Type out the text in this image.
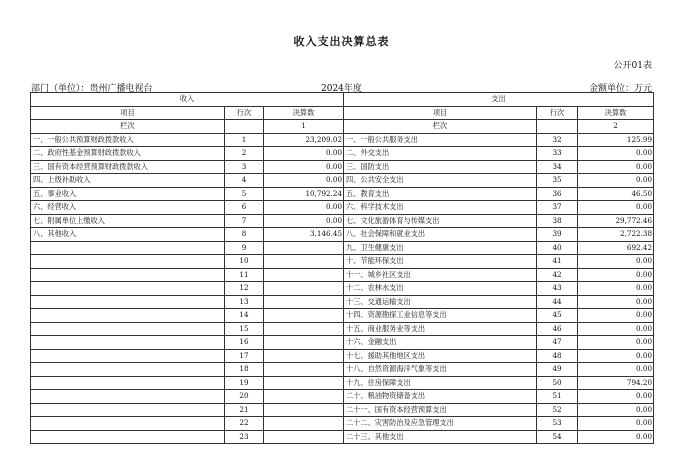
收入支出决算总表
公开01表
部门（单位）：贵州广播电视台	2024年度	金额单位：万元
收入			支出		
项目	行次	决算数	项目	行次	决算数
栏次		1	栏次		2
一、一般公共预算财政拨款收入	1	23,209.02	一、一般公共服务支出	32	125.99
二、政府性基金预算财政拨款收入	2	0.00	二、外交支出	33	0.00
三、国有资本经营预算财政拨款收入	3	0.00	三、国防支出	34	0.00
四、上级补助收入	4	0.00	四、公共安全支出	35	0.00
五、事业收入	5	10,792.24	五、教育支出	36	46.50
六、经营收入	6	0.00	六、科学技术支出	37	0.00
七、附属单位上缴收入	7	0.00	七、文化旅游体育与传媒支出	38	29,772.46
八、其他收入	8	3,146.45	八、社会保障和就业支出	39	2,722.38
	9		九、卫生健康支出	40	692.42
	10		十、节能环保支出	41	0.00
	11		十一、城乡社区支出	42	0.00
	12		十二、农林水支出	43	0.00
	13		十三、交通运输支出	44	0.00
	14		十四、资源勘探工业信息等支出	45	0.00
	15		十五、商业服务业等支出	46	0.00
	16		十六、金融支出	47	0.00
	17		十七、援助其他地区支出	48	0.00
	18		十八、自然资源海洋气象等支出	49	0.00
	19		十九、住房保障支出	50	794.20
	20		二十、粮油物资储备支出	51	0.00
	21		二十一、国有资本经营预算支出	52	0.00
	22		二十二、灾害防治及应急管理支出	53	0.00
	23		二十三、其他支出	54	0.00
